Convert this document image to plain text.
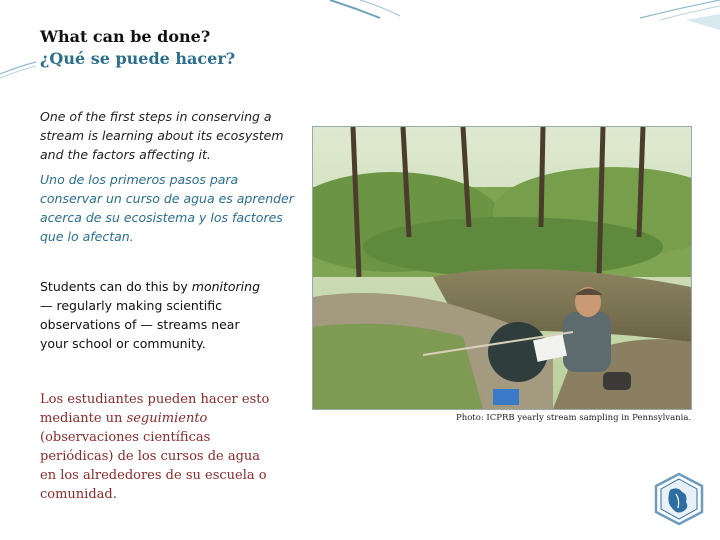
What can be done?
¿Qué se puede hacer?
One of the first steps in conserving a stream is learning about its ecosystem and the factors affecting it.
Uno de los primeros pasos para conservar un curso de agua es aprender acerca de su ecosistema y los factores que lo afectan.
Students can do this by monitoring — regularly making scientific observations of — streams near your school or community.
Los estudiantes pueden hacer esto mediante un seguimiento (observaciones científicas periódicas) de los cursos de agua en los alrededores de su escuela o comunidad.
Photo: ICPRB yearly stream sampling in Pennsylvania.
